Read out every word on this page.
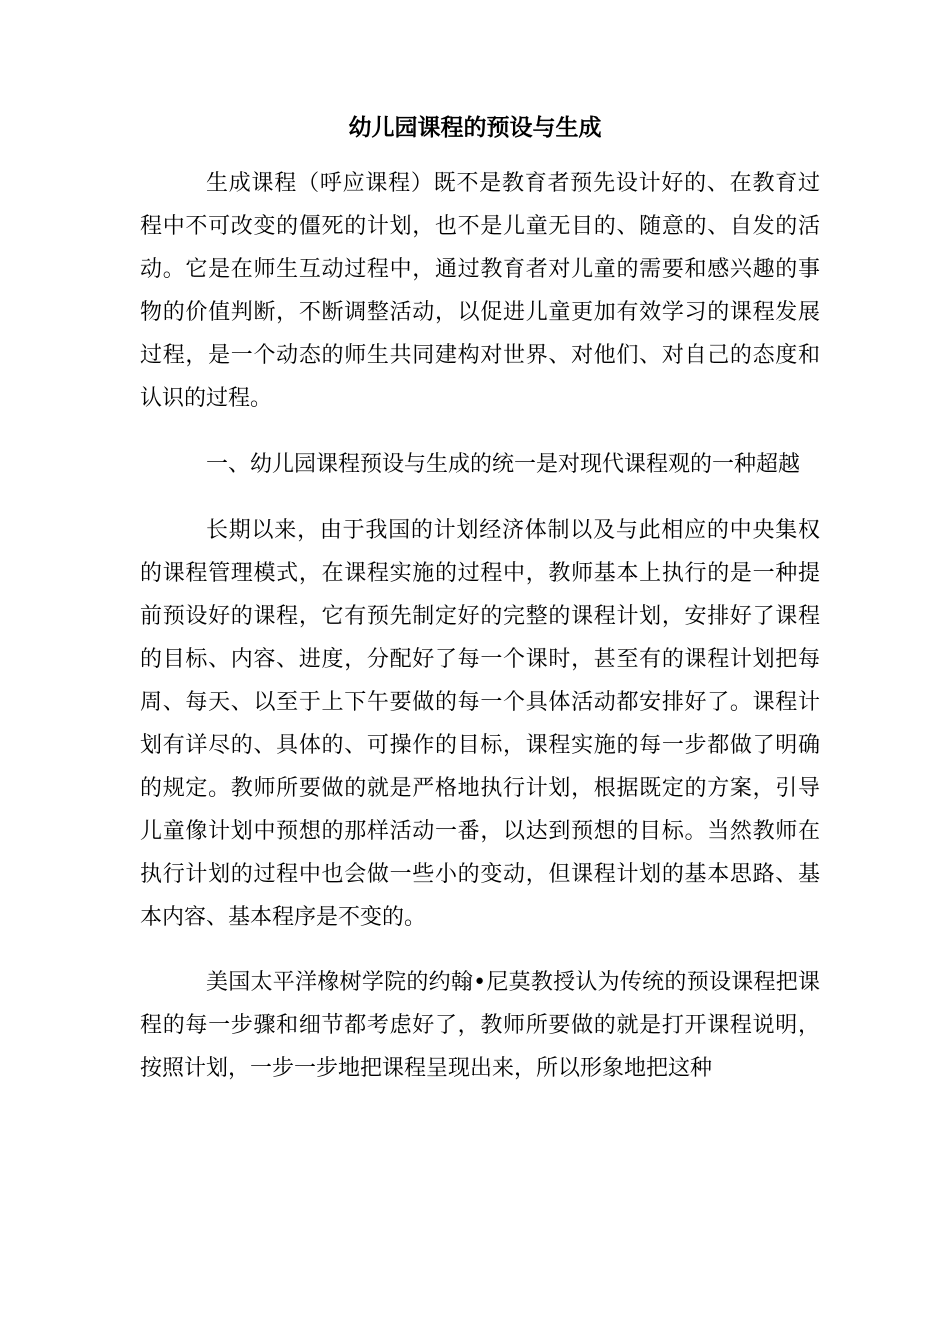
幼儿园课程的预设与生成

生成课程（呼应课程）既不是教育者预先设计好的、在教育过程中不可改变的僵死的计划，也不是儿童无目的、随意的、自发的活动。它是在师生互动过程中，通过教育者对儿童的需要和感兴趣的事物的价值判断，不断调整活动，以促进儿童更加有效学习的课程发展过程，是一个动态的师生共同建构对世界、对他们、对自己的态度和认识的过程。

一、幼儿园课程预设与生成的统一是对现代课程观的一种超越

长期以来，由于我国的计划经济体制以及与此相应的中央集权的课程管理模式，在课程实施的过程中，教师基本上执行的是一种提前预设好的课程，它有预先制定好的完整的课程计划，安排好了课程的目标、内容、进度，分配好了每一个课时，甚至有的课程计划把每周、每天、以至于上下午要做的每一个具体活动都安排好了。课程计划有详尽的、具体的、可操作的目标，课程实施的每一步都做了明确的规定。教师所要做的就是严格地执行计划，根据既定的方案，引导儿童像计划中预想的那样活动一番，以达到预想的目标。当然教师在执行计划的过程中也会做一些小的变动，但课程计划的基本思路、基本内容、基本程序是不变的。

美国太平洋橡树学院的约翰•尼莫教授认为传统的预设课程把课程的每一步骤和细节都考虑好了，教师所要做的就是打开课程说明，按照计划，一步一步地把课程呈现出来，所以形象地把这种
